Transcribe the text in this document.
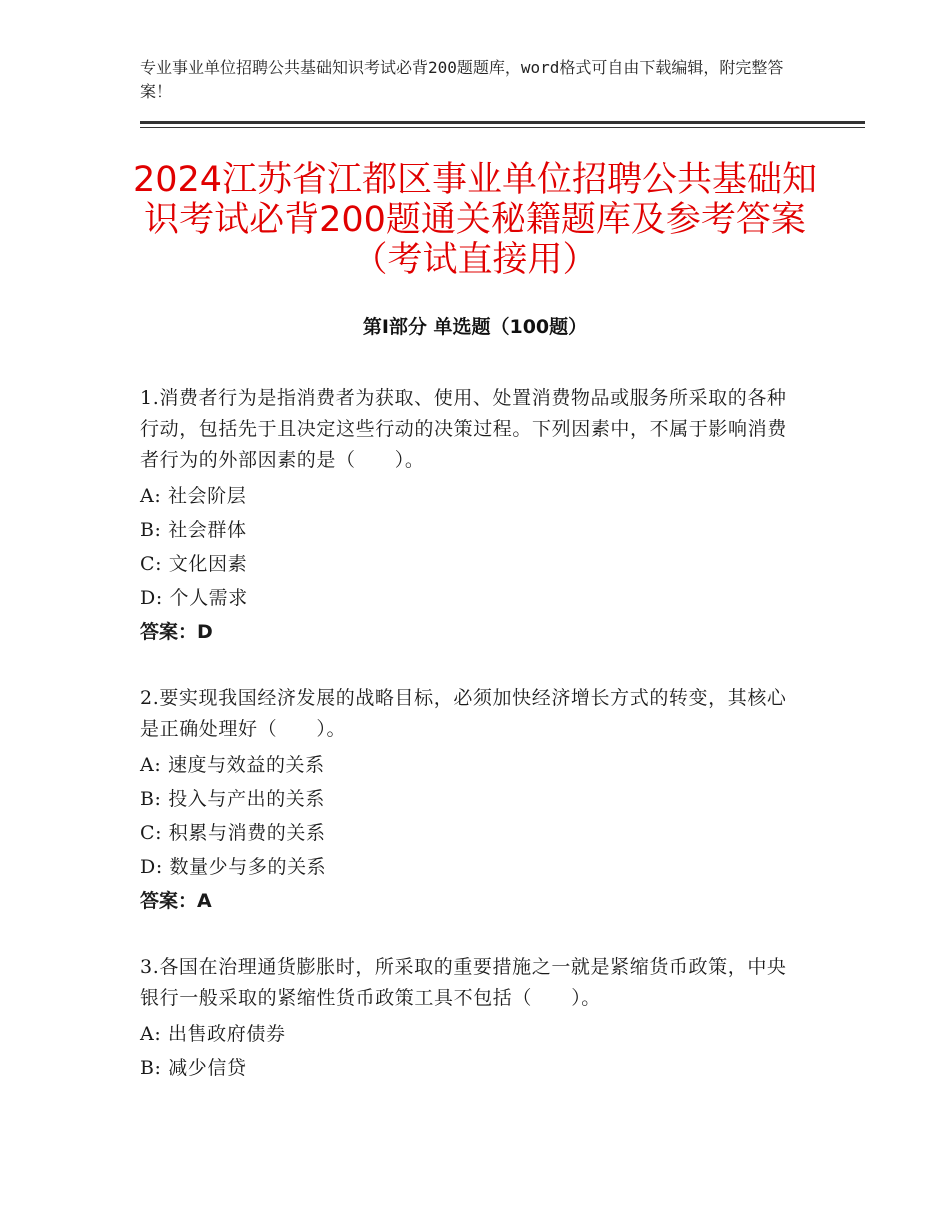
专业事业单位招聘公共基础知识考试必背200题题库，word格式可自由下载编辑，附完整答案！
2024江苏省江都区事业单位招聘公共基础知识考试必背200题通关秘籍题库及参考答案（考试直接用）
第Ⅰ部分 单选题（100题）
1.消费者行为是指消费者为获取、使用、处置消费物品或服务所采取的各种行动，包括先于且决定这些行动的决策过程。下列因素中，不属于影响消费者行为的外部因素的是（　　）。
A: 社会阶层
B: 社会群体
C: 文化因素
D: 个人需求
答案：D
2.要实现我国经济发展的战略目标，必须加快经济增长方式的转变，其核心是正确处理好（　　）。
A: 速度与效益的关系
B: 投入与产出的关系
C: 积累与消费的关系
D: 数量少与多的关系
答案：A
3.各国在治理通货膨胀时，所采取的重要措施之一就是紧缩货币政策，中央银行一般采取的紧缩性货币政策工具不包括（　　）。
A: 出售政府债券
B: 减少信贷
